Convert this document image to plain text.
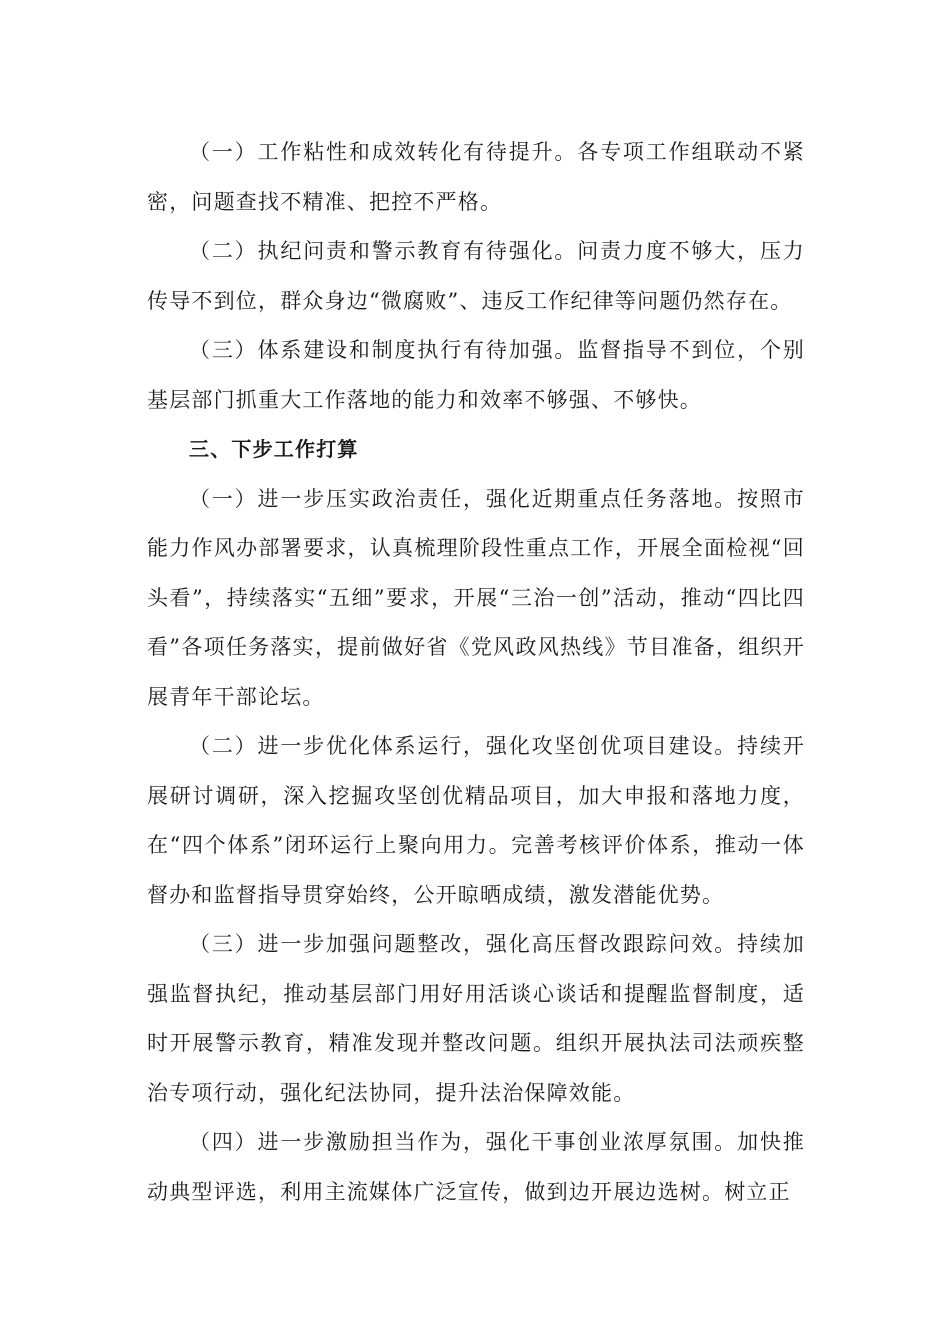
（一）工作粘性和成效转化有待提升。各专项工作组联动不紧密，问题查找不精准、把控不严格。

（二）执纪问责和警示教育有待强化。问责力度不够大，压力传导不到位，群众身边“微腐败”、违反工作纪律等问题仍然存在。

（三）体系建设和制度执行有待加强。监督指导不到位，个别基层部门抓重大工作落地的能力和效率不够强、不够快。

三、下步工作打算

（一）进一步压实政治责任，强化近期重点任务落地。按照市能力作风办部署要求，认真梳理阶段性重点工作，开展全面检视“回头看”，持续落实“五细”要求，开展“三治一创”活动，推动“四比四看”各项任务落实，提前做好省《党风政风热线》节目准备，组织开展青年干部论坛。

（二）进一步优化体系运行，强化攻坚创优项目建设。持续开展研讨调研，深入挖掘攻坚创优精品项目，加大申报和落地力度，在“四个体系”闭环运行上聚向用力。完善考核评价体系，推动一体督办和监督指导贯穿始终，公开晾晒成绩，激发潜能优势。

（三）进一步加强问题整改，强化高压督改跟踪问效。持续加强监督执纪，推动基层部门用好用活谈心谈话和提醒监督制度，适时开展警示教育，精准发现并整改问题。组织开展执法司法顽疾整治专项行动，强化纪法协同，提升法治保障效能。

（四）进一步激励担当作为，强化干事创业浓厚氛围。加快推动典型评选，利用主流媒体广泛宣传，做到边开展边选树。树立正
